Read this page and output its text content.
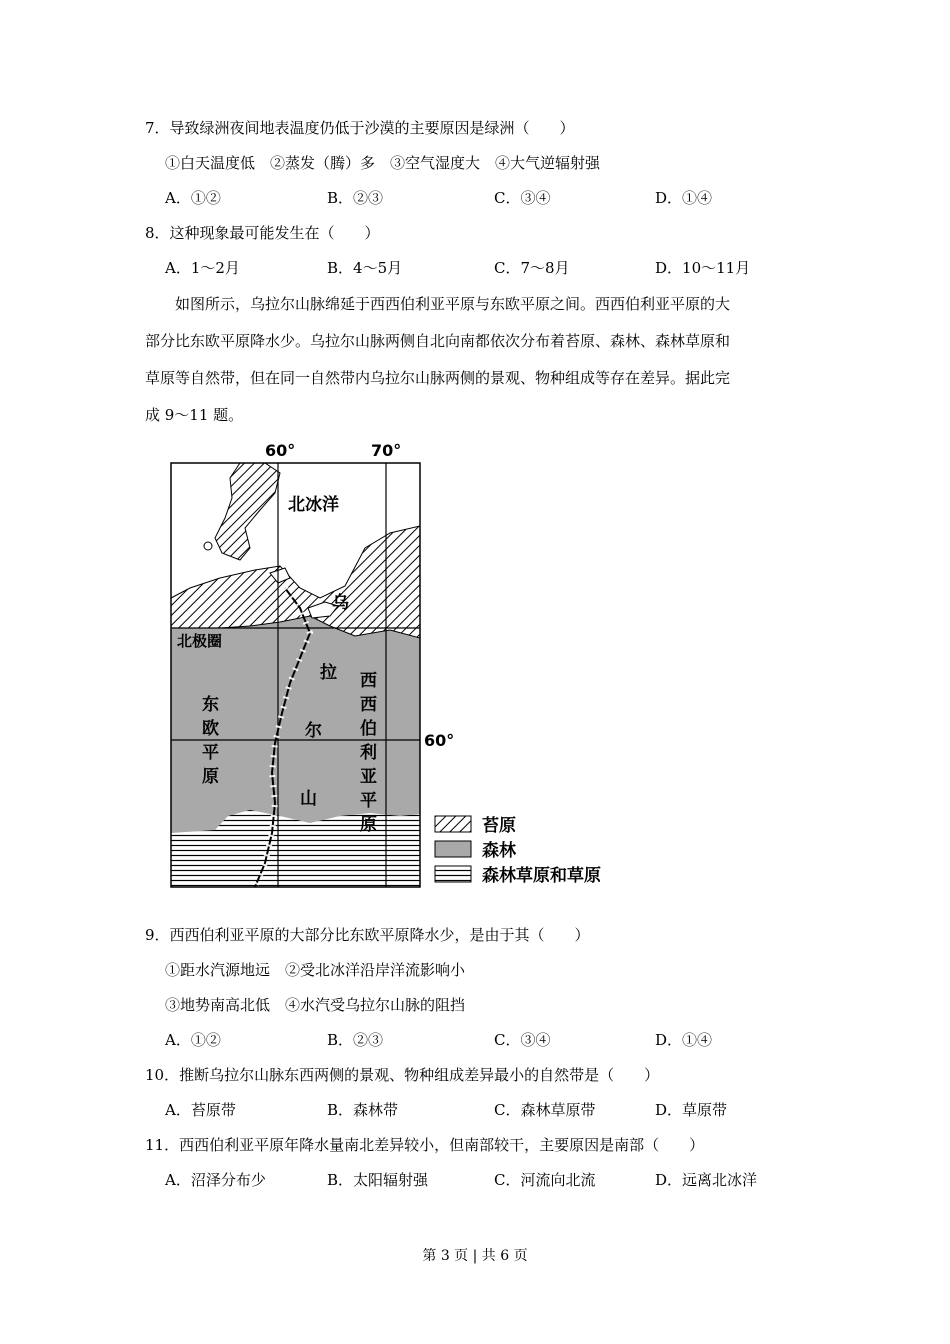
7．导致绿洲夜间地表温度仍低于沙漠的主要原因是绿洲（　　）
①白天温度低　②蒸发（腾）多　③空气湿度大　④大气逆辐射强
A．①②	B．②③	C．③④	D．①④
8．这种现象最可能发生在（　　）
A．1～2月	B．4～5月	C．7～8月	D．10～11月
如图所示，乌拉尔山脉绵延于西西伯利亚平原与东欧平原之间。西西伯利亚平原的大
部分比东欧平原降水少。乌拉尔山脉两侧自北向南都依次分布着苔原、森林、森林草原和
草原等自然带，但在同一自然带内乌拉尔山脉两侧的景观、物种组成等存在差异。据此完
成 9～11 题。
60°	70°
北冰洋
北极圈
60°
东
欧
平
原
乌
拉
尔
山
西
西
伯
利
亚
平
原	苔原
森林
森林草原和草原
9．西西伯利亚平原的大部分比东欧平原降水少，是由于其（　　）
①距水汽源地远　②受北冰洋沿岸洋流影响小
③地势南高北低　④水汽受乌拉尔山脉的阻挡
A．①②	B．②③	C．③④	D．①④
10．推断乌拉尔山脉东西两侧的景观、物种组成差异最小的自然带是（　　）
A．苔原带	B．森林带	C．森林草原带	D．草原带
11．西西伯利亚平原年降水量南北差异较小，但南部较干，主要原因是南部（　　）
A．沼泽分布少	B．太阳辐射强	C．河流向北流	D．远离北冰洋
第 3 页 | 共 6 页
